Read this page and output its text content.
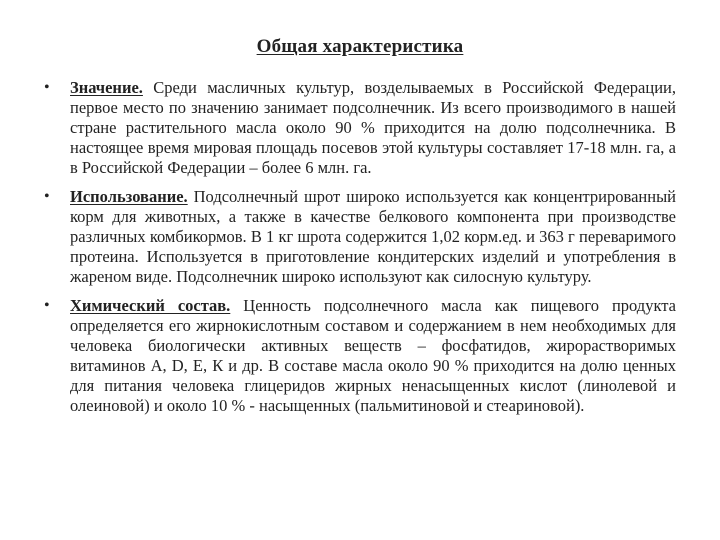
Общая характеристика
•	Значение. Среди масличных культур, возделываемых в Российской Федерации, первое место по значению занимает подсолнечник. Из всего производимого в нашей стране растительного масла около 90 % приходится на долю подсолнечника. В настоящее время мировая площадь посевов этой культуры составляет 17-18 млн. га, а в Российской Федерации – более 6 млн. га.
•	Использование. Подсолнечный шрот широко используется как концентрированный корм для животных, а также в качестве белкового компонента при производстве различных комбикормов. В 1 кг шрота содержится 1,02 корм.ед. и 363 г переваримого протеина. Используется в приготовление кондитерских изделий и употребления в жареном виде. Подсолнечник широко используют как силосную культуру.
•	Химический состав. Ценность подсолнечного масла как пищевого продукта определяется его жирнокислотным составом и содержанием в нем необходимых для человека биологически активных веществ – фосфатидов, жирорастворимых витаминов А, D, Е, К и др. В составе масла около 90 % приходится на долю ценных для питания человека глицеридов жирных ненасыщенных кислот (линолевой и олеиновой) и около 10 % - насыщенных (пальмитиновой и стеариновой).
